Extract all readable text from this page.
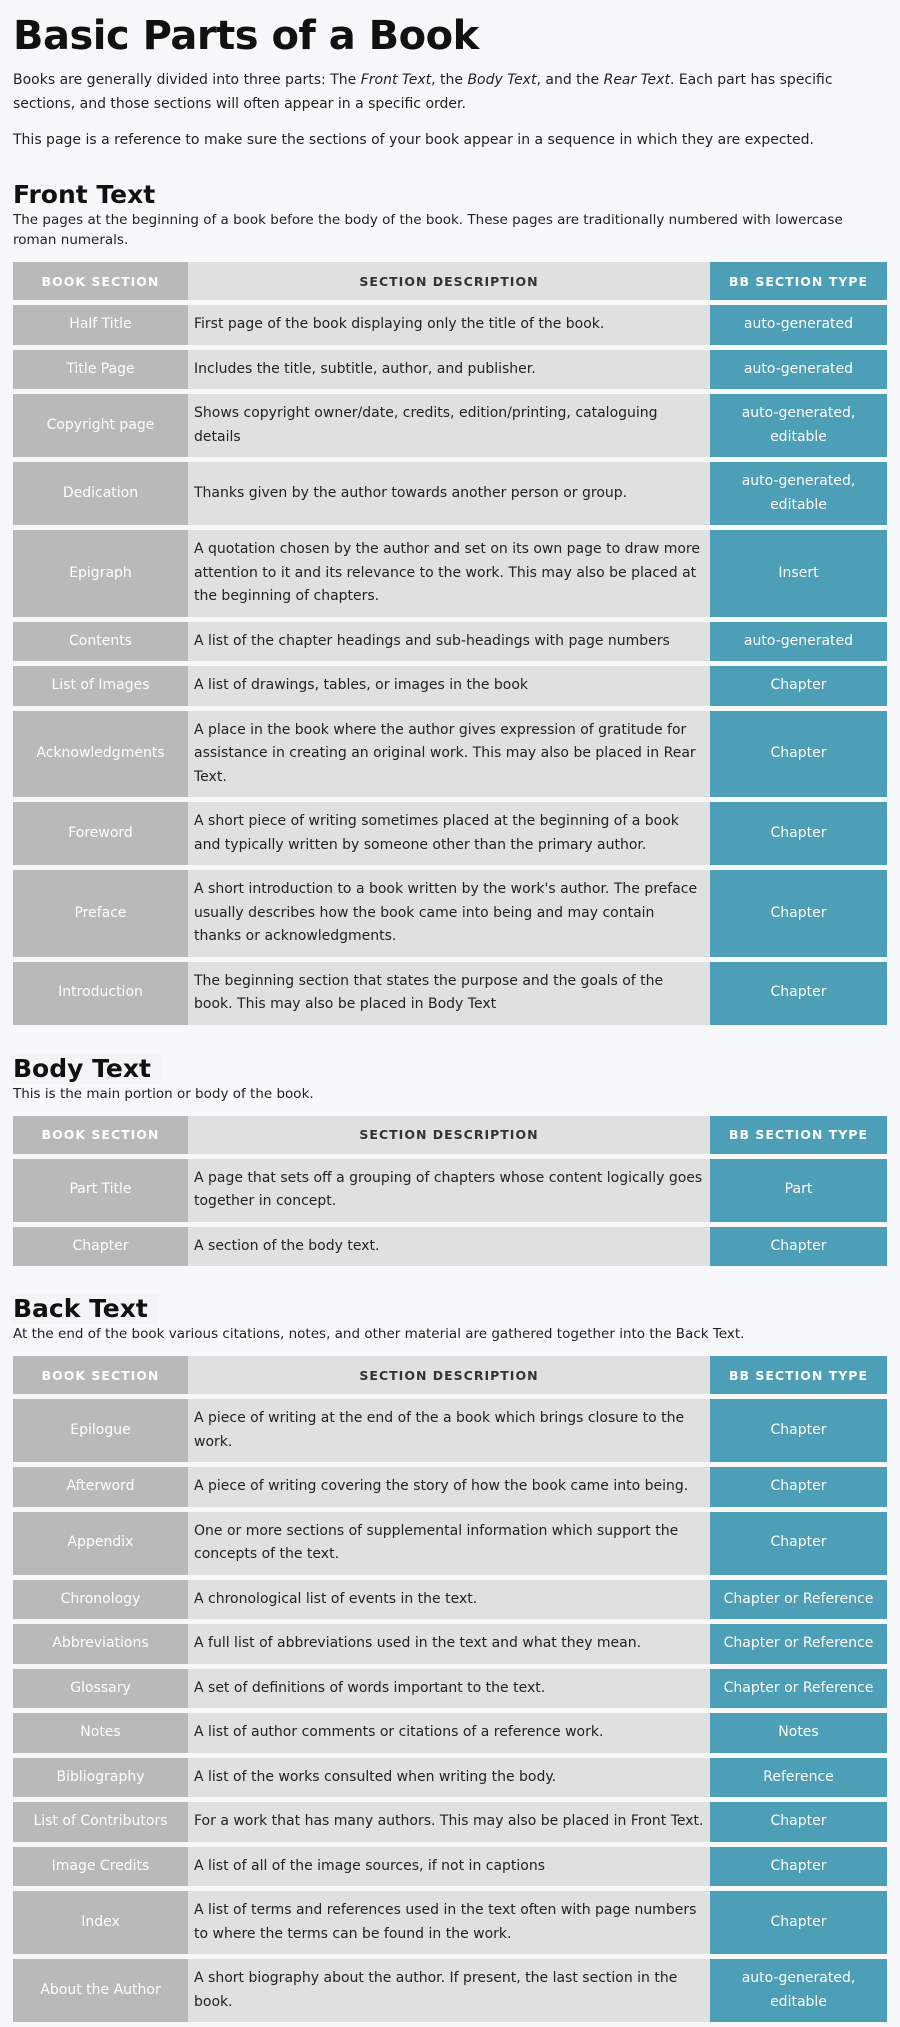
Basic Parts of a Book

Books are generally divided into three parts: The Front Text, the Body Text, and the Rear Text. Each part has specific sections, and those sections will often appear in a specific order.

This page is a reference to make sure the sections of your book appear in a sequence in which they are expected.

Front Text

The pages at the beginning of a book before the body of the book. These pages are traditionally numbered with lowercase roman numerals.

BOOK SECTION	SECTION DESCRIPTION	BB SECTION TYPE
Half Title	First page of the book displaying only the title of the book.	auto-generated
Title Page	Includes the title, subtitle, author, and publisher.	auto-generated
Copyright page	Shows copyright owner/date, credits, edition/printing, cataloguing details	auto-generated, editable
Dedication	Thanks given by the author towards another person or group.	auto-generated, editable
Epigraph	A quotation chosen by the author and set on its own page to draw more attention to it and its relevance to the work. This may also be placed at the beginning of chapters.	Insert
Contents	A list of the chapter headings and sub-headings with page numbers	auto-generated
List of Images	A list of drawings, tables, or images in the book	Chapter
Acknowledgments	A place in the book where the author gives expression of gratitude for assistance in creating an original work. This may also be placed in Rear Text.	Chapter
Foreword	A short piece of writing sometimes placed at the beginning of a book and typically written by someone other than the primary author.	Chapter
Preface	A short introduction to a book written by the work's author. The preface usually describes how the book came into being and may contain thanks or acknowledgments.	Chapter
Introduction	The beginning section that states the purpose and the goals of the book. This may also be placed in Body Text	Chapter
Body Text

This is the main portion or body of the book.

BOOK SECTION	SECTION DESCRIPTION	BB SECTION TYPE
Part Title	A page that sets off a grouping of chapters whose content logically goes together in concept.	Part
Chapter	A section of the body text.	Chapter
Back Text

At the end of the book various citations, notes, and other material are gathered together into the Back Text.

BOOK SECTION	SECTION DESCRIPTION	BB SECTION TYPE
Epilogue	A piece of writing at the end of the a book which brings closure to the work.	Chapter
Afterword	A piece of writing covering the story of how the book came into being.	Chapter
Appendix	One or more sections of supplemental information which support the concepts of the text.	Chapter
Chronology	A chronological list of events in the text.	Chapter or Reference
Abbreviations	A full list of abbreviations used in the text and what they mean.	Chapter or Reference
Glossary	A set of definitions of words important to the text.	Chapter or Reference
Notes	A list of author comments or citations of a reference work.	Notes
Bibliography	A list of the works consulted when writing the body.	Reference
List of Contributors	For a work that has many authors. This may also be placed in Front Text.	Chapter
Image Credits	A list of all of the image sources, if not in captions	Chapter
Index	A list of terms and references used in the text often with page numbers to where the terms can be found in the work.	Chapter
About the Author	A short biography about the author. If present, the last section in the book.	auto-generated, editable
